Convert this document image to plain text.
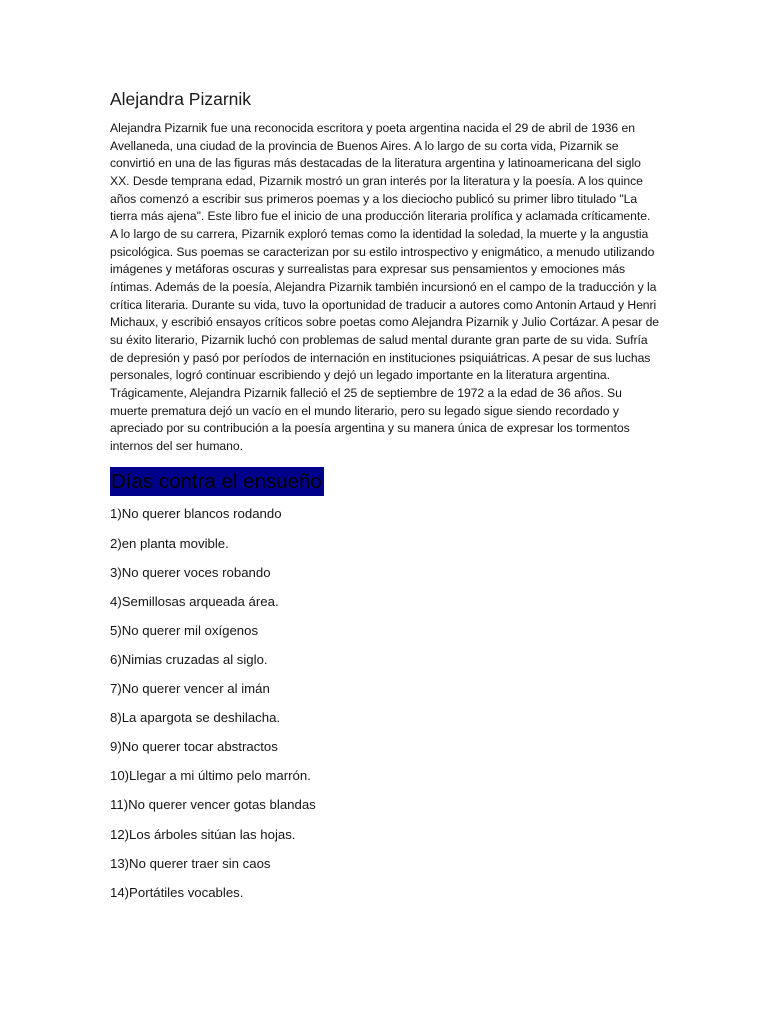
Alejandra Pizarnik

Alejandra Pizarnik fue una reconocida escritora y poeta argentina nacida el 29 de abril de 1936 en Avellaneda, una ciudad de la provincia de Buenos Aires. A lo largo de su corta vida, Pizarnik se convirtió en una de las figuras más destacadas de la literatura argentina y latinoamericana del siglo XX. Desde temprana edad, Pizarnik mostró un gran interés por la literatura y la poesía. A los quince años comenzó a escribir sus primeros poemas y a los dieciocho publicó su primer libro titulado "La tierra más ajena". Este libro fue el inicio de una producción literaria prolífica y aclamada críticamente. A lo largo de su carrera, Pizarnik exploró temas como la identidad la soledad, la muerte y la angustia psicológica. Sus poemas se caracterizan por su estilo introspectivo y enigmático, a menudo utilizando imágenes y metáforas oscuras y surrealistas para expresar sus pensamientos y emociones más íntimas. Además de la poesía, Alejandra Pizarnik también incursionó en el campo de la traducción y la crítica literaria. Durante su vida, tuvo la oportunidad de traducir a autores como Antonin Artaud y Henri Michaux, y escribió ensayos críticos sobre poetas como Alejandra Pizarnik y Julio Cortázar. A pesar de su éxito literario, Pizarnik luchó con problemas de salud mental durante gran parte de su vida. Sufría de depresión y pasó por períodos de internación en instituciones psiquiátricas. A pesar de sus luchas personales, logró continuar escribiendo y dejó un legado importante en la literatura argentina. Trágicamente, Alejandra Pizarnik falleció el 25 de septiembre de 1972 a la edad de 36 años. Su muerte prematura dejó un vacío en el mundo literario, pero su legado sigue siendo recordado y apreciado por su contribución a la poesía argentina y su manera única de expresar los tormentos internos del ser humano.

Días contra el ensueño
1)No querer blancos rodando
2)en planta movible.
3)No querer voces robando
4)Semillosas arqueada área.
5)No querer mil oxígenos
6)Nimias cruzadas al siglo.
7)No querer vencer al imán
8)La apargota se deshilacha.
9)No querer tocar abstractos
10)Llegar a mi último pelo marrón.
11)No querer vencer gotas blandas
12)Los árboles sitúan las hojas.
13)No querer traer sin caos
14)Portátiles vocables.
